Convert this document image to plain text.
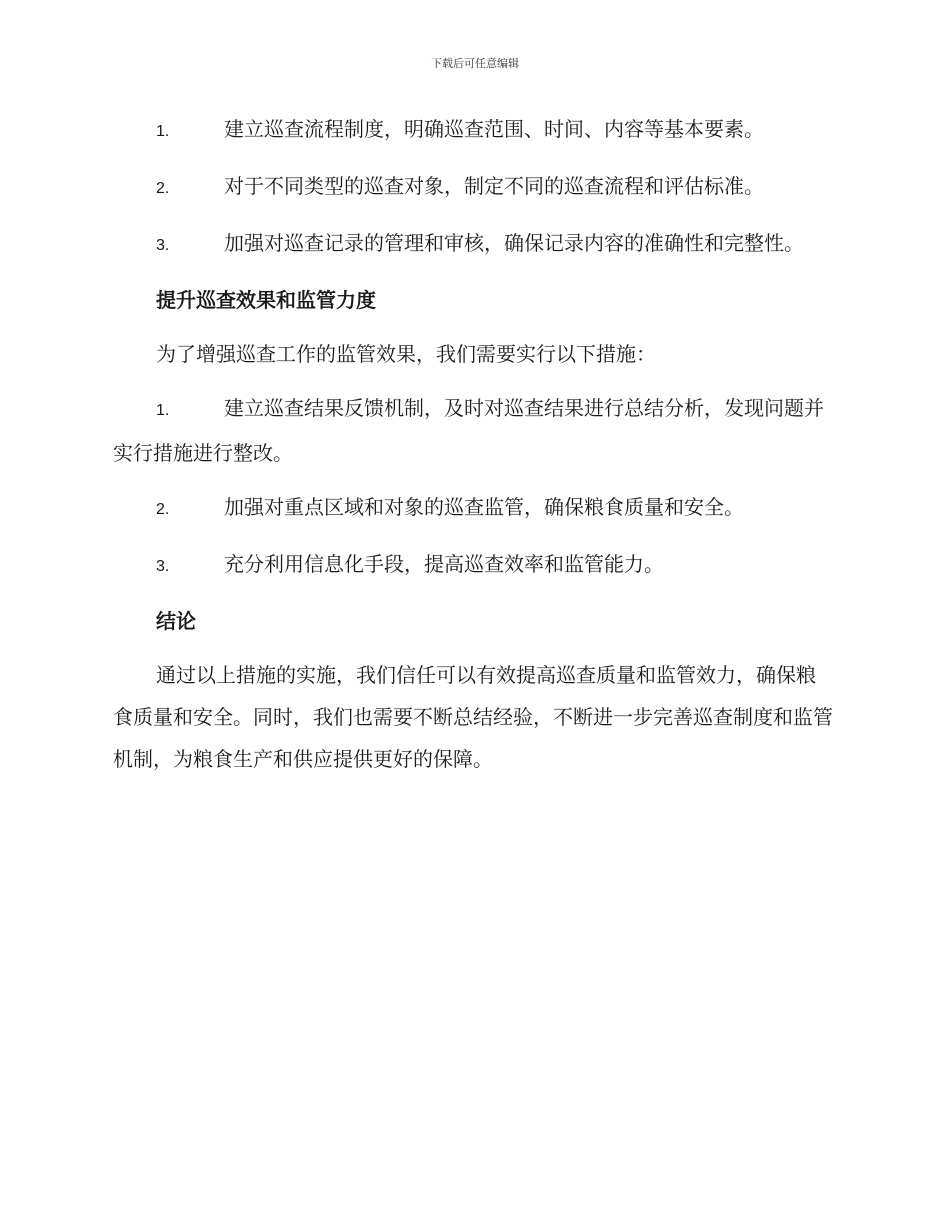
下载后可任意编辑

1.	建立巡查流程制度，明确巡查范围、时间、内容等基本要素。

2.	对于不同类型的巡查对象，制定不同的巡查流程和评估标准。

3.	加强对巡查记录的管理和审核，确保记录内容的准确性和完整性。

提升巡查效果和监管力度

为了增强巡查工作的监管效果，我们需要实行以下措施：

1.	建立巡查结果反馈机制，及时对巡查结果进行总结分析，发现问题并实行措施进行整改。

2.	加强对重点区域和对象的巡查监管，确保粮食质量和安全。

3.	充分利用信息化手段，提高巡查效率和监管能力。

结论

通过以上措施的实施，我们信任可以有效提高巡查质量和监管效力，确保粮食质量和安全。同时，我们也需要不断总结经验，不断进一步完善巡查制度和监管机制，为粮食生产和供应提供更好的保障。
